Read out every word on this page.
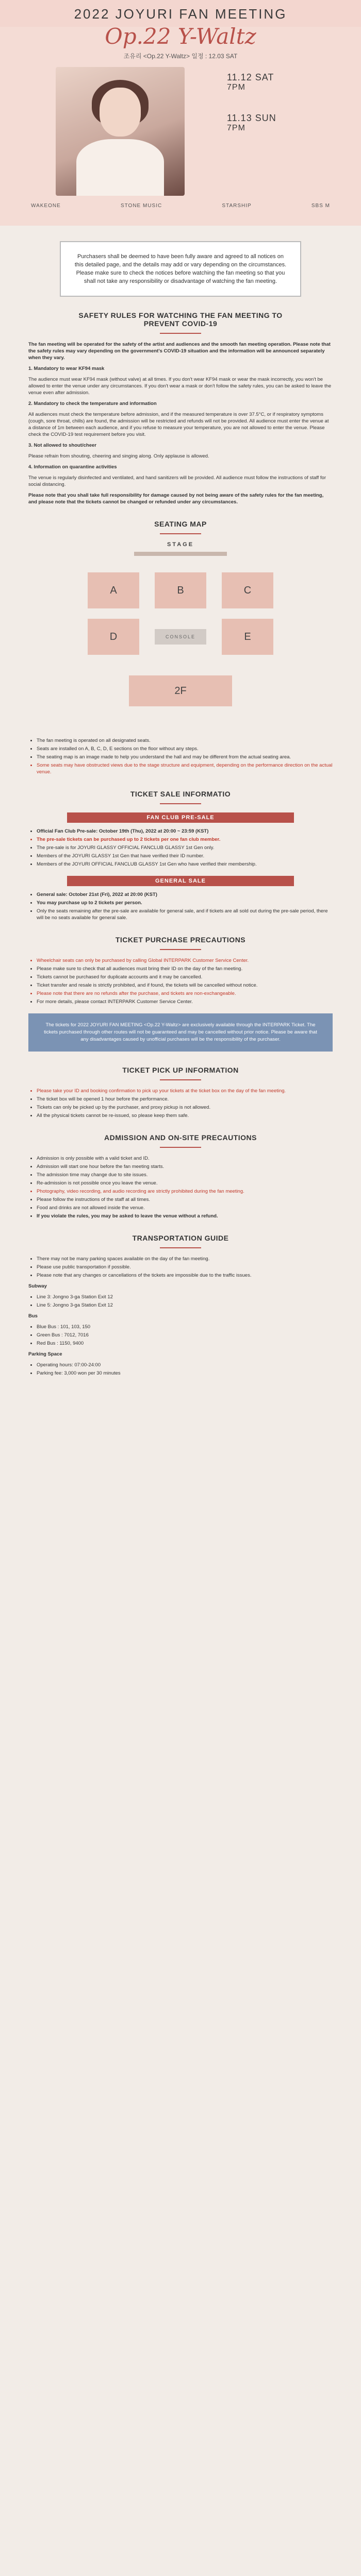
2022 JOYURI FAN MEETING
Op.22 Y-Waltz
조유리 <Op.22 Y-Waltz> 일정 : 12.03 SAT
11.12 SAT
7PM
11.13 SUN
7PM
WAKEONE	STONE MUSIC	STARSHIP	SBS M
Purchasers shall be deemed to have been fully aware and agreed to all notices on this detailed page, and the details may add or vary depending on the circumstances. Please make sure to check the notices before watching the fan meeting so that you shall not take any responsibility or disadvantage of watching the fan meeting.
SAFETY RULES FOR WATCHING THE FAN MEETING TO
PREVENT COVID-19

The fan meeting will be operated for the safety of the artist and audiences and the smooth fan meeting operation. Please note that the safety rules may vary depending on the government's COVID-19 situation and the information will be announced separately when they vary.

1. Mandatory to wear KF94 mask

The audience must wear KF94 mask (without valve) at all times. If you don't wear KF94 mask or wear the mask incorrectly, you won't be allowed to enter the venue under any circumstances. If you don't wear a mask or don't follow the safety rules, you can be asked to leave the venue even after admission.

2. Mandatory to check the temperature and information

All audiences must check the temperature before admission, and if the measured temperature is over 37.5°C, or if respiratory symptoms (cough, sore throat, chills) are found, the admission will be restricted and refunds will not be provided. All audience must enter the venue at a distance of 1m between each audience, and if you refuse to measure your temperature, you are not allowed to enter the venue. Please check the COVID-19 test requirement before you visit.

3. Not allowed to shout/cheer

Please refrain from shouting, cheering and singing along. Only applause is allowed.

4. Information on quarantine activities

The venue is regularly disinfected and ventilated, and hand sanitizers will be provided. All audience must follow the instructions of staff for social distancing.

Please note that you shall take full responsibility for damage caused by not being aware of the safety rules for the fan meeting, and please note that the tickets cannot be changed or refunded under any circumstances.

SEATING MAP
STAGE
A	B	C
D	CONSOLE	E
2F
• The fan meeting is operated on all designated seats.
• Seats are installed on A, B, C, D, E sections on the floor without any steps.
• The seating map is an image made to help you understand the hall and may be different from the actual seating area.
• Some seats may have obstructed views due to the stage structure and equipment, depending on the performance direction on the actual venue.
TICKET SALE INFORMATIO
FAN CLUB PRE-SALE
• Official Fan Club Pre-sale: October 19th (Thu), 2022 at 20:00 ~ 23:59 (KST)
• The pre-sale tickets can be purchased up to 2 tickets per one fan club member.
• The pre-sale is for JOYURI GLASSY OFFICIAL FANCLUB GLASSY 1st Gen only.
• Members of the JOYURI GLASSY 1st Gen that have verified their ID number.
• Members of the JOYURI OFFICIAL FANCLUB GLASSY 1st Gen who have verified their membership.
GENERAL SALE
• General sale: October 21st (Fri), 2022 at 20:00 (KST)
• You may purchase up to 2 tickets per person.
• Only the seats remaining after the pre-sale are available for general sale, and if tickets are all sold out during the pre-sale period, there will be no seats available for general sale.
TICKET PURCHASE PRECAUTIONS
• Wheelchair seats can only be purchased by calling Global INTERPARK Customer Service Center.
• Please make sure to check that all audiences must bring their ID on the day of the fan meeting.
• Tickets cannot be purchased for duplicate accounts and it may be cancelled.
• Ticket transfer and resale is strictly prohibited, and if found, the tickets will be cancelled without notice.
• Please note that there are no refunds after the purchase, and tickets are non-exchangeable.
• For more details, please contact INTERPARK Customer Service Center.
The tickets for 2022 JOYURI FAN MEETING <Op.22 Y-Waltz> are exclusively available through the INTERPARK Ticket. The tickets purchased through other routes will not be guaranteed and may be cancelled without prior notice. Please be aware that any disadvantages caused by unofficial purchases will be the responsibility of the purchaser.
TICKET PICK UP INFORMATION
• Please take your ID and booking confirmation to pick up your tickets at the ticket box on the day of the fan meeting.
• The ticket box will be opened 1 hour before the performance.
• Tickets can only be picked up by the purchaser, and proxy pickup is not allowed.
• All the physical tickets cannot be re-issued, so please keep them safe.
ADMISSION AND ON-SITE PRECAUTIONS
• Admission is only possible with a valid ticket and ID.
• Admission will start one hour before the fan meeting starts.
• The admission time may change due to site issues.
• Re-admission is not possible once you leave the venue.
• Photography, video recording, and audio recording are strictly prohibited during the fan meeting.
• Please follow the instructions of the staff at all times.
• Food and drinks are not allowed inside the venue.
• If you violate the rules, you may be asked to leave the venue without a refund.
TRANSPORTATION GUIDE
• There may not be many parking spaces available on the day of the fan meeting.
• Please use public transportation if possible.
• Please note that any changes or cancellations of the tickets are impossible due to the traffic issues.

Subway

• Line 3: Jongno 3-ga Station Exit 12
• Line 5: Jongno 3-ga Station Exit 12

Bus

• Blue Bus : 101, 103, 150
• Green Bus : 7012, 7016
• Red Bus : 1150, 9400

Parking Space

• Operating hours: 07:00-24:00
• Parking fee: 3,000 won per 30 minutes
